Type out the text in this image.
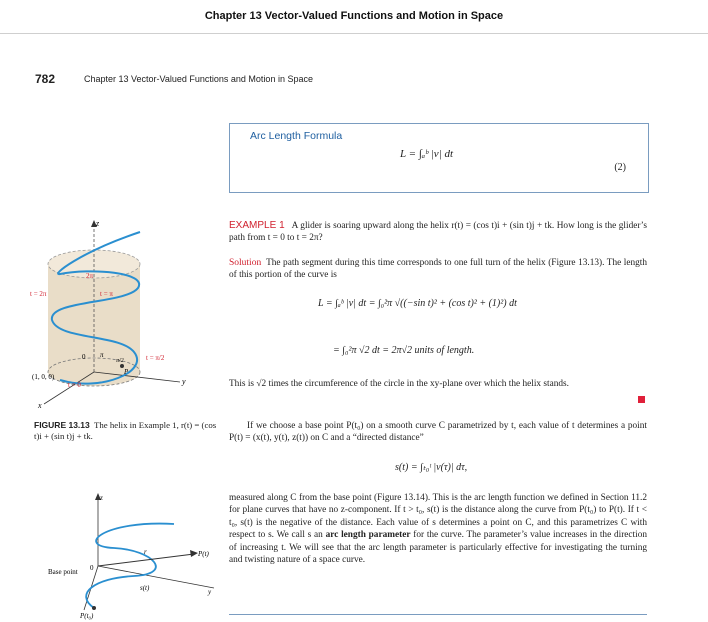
Chapter 13 Vector-Valued Functions and Motion in Space
782	Chapter 13 Vector-Valued Functions and Motion in Space
Arc Length Formula
L = ∫ₐᵇ |v| dt
(2)
EXAMPLE 1 A glider is soaring upward along the helix r(t) = (cos t)i + (sin t)j + tk. How long is the glider’s path from t = 0 to t = 2π?
Solution The path segment during this time corresponds to one full turn of the helix (Figure 13.13). The length of this portion of the curve is
L = ∫ₐᵇ |v| dt = ∫₀²π √((−sin t)² + (cos t)² + (1)²) dt
= ∫₀²π √2 dt = 2π√2 units of length.
This is √2 times the circumference of the circle in the xy-plane over which the helix stands.
If we choose a base point P(t₀) on a smooth curve C parametrized by t, each value of t determines a point P(t) = (x(t), y(t), z(t)) on C and a “directed distance”
s(t) = ∫ₜ₀ᵗ |v(τ)| dτ,
measured along C from the base point (Figure 13.14). This is the arc length function we defined in Section 11.2 for plane curves that have no z-component. If t > t₀, s(t) is the distance along the curve from P(t₀) to P(t). If t < t₀, s(t) is the negative of the distance. Each value of s determines a point on C, and this parametrizes C with respect to s. We call s an arc length parameter for the curve. The parameter’s value increases in the direction of increasing t. We will see that the arc length parameter is particularly effective for investigating the turning and twisting nature of a space curve.
z
x
y
2π
t = 2π	t = π
0 π	t = π/2
π/2
(1, 0, 0)
t = 0
P
FIGURE 13.13 The helix in Example 1, r(t) = (cos t)i + (sin t)j + tk.
z
r	P(t)
0
Base point
s(t)	y
P(t₀)
